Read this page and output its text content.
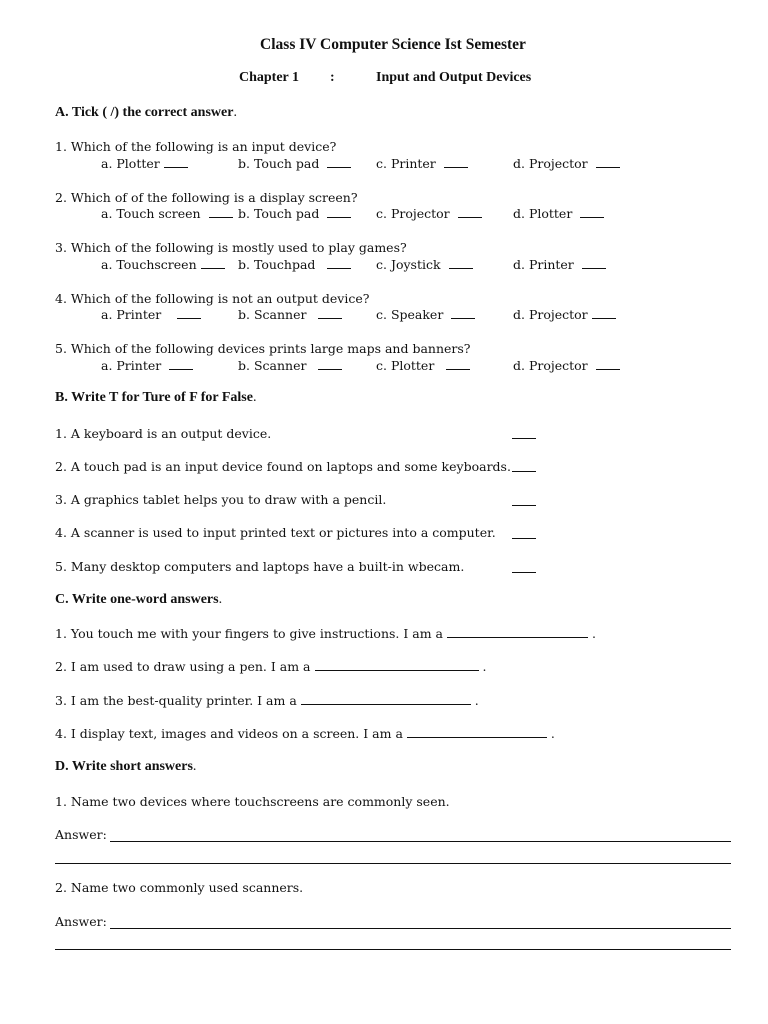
Class IV Computer Science Ist Semester
Chapter 1 :	Input and Output Devices
A. Tick ( /) the correct answer.
1. Which of the following is an input device?
a. Plotter	b. Touch pad	c. Printer	d. Projector
2. Which of of the following is a display screen?
a. Touch screen	b. Touch pad	c. Projector	d. Plotter
3. Which of the following is mostly used to play games?
a. Touchscreen	b. Touchpad	c. Joystick	d. Printer
4. Which of the following is not an output device?
a. Printer	b. Scanner	c. Speaker	d. Projector
5. Which of the following devices prints large maps and banners?
a. Printer	b. Scanner	c. Plotter	d. Projector
B. Write T for Ture of F for False.
1. A keyboard is an output device.
2. A touch pad is an input device found on laptops and some keyboards.
3. A graphics tablet helps you to draw with a pencil.
4. A scanner is used to input printed text or pictures into a computer.
5. Many desktop computers and laptops have a built-in wbecam.
C. Write one-word answers.
1. You touch me with your fingers to give instructions. I am a	.
2. I am used to draw using a pen. I am a	.
3. I am the best-quality printer. I am a	.
4. I display text, images and videos on a screen. I am a	.
D. Write short answers.
1. Name two devices where touchscreens are commonly seen.
Answer:
2. Name two commonly used scanners.
Answer:
